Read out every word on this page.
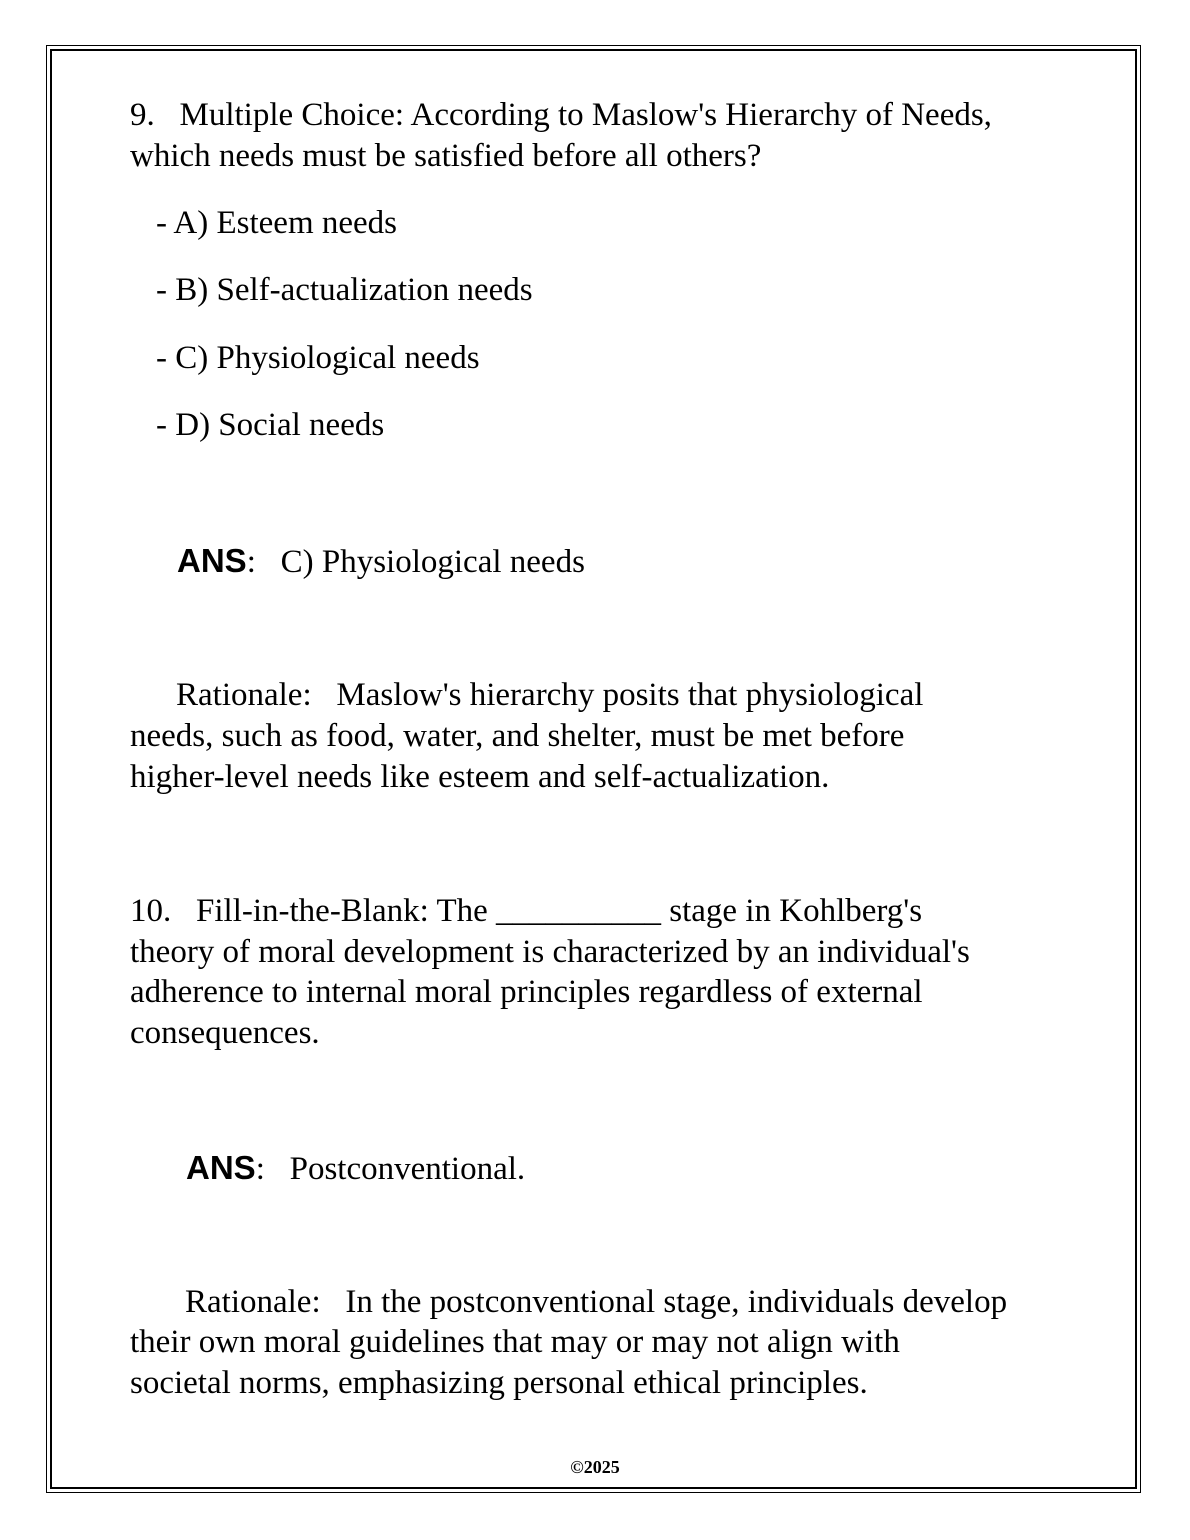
9.   Multiple Choice: According to Maslow's Hierarchy of Needs,

which needs must be satisfied before all others?

- A) Esteem needs

- B) Self-actualization needs

- C) Physiological needs

- D) Social needs

ANS:   C) Physiological needs

Rationale:   Maslow's hierarchy posits that physiological

needs, such as food, water, and shelter, must be met before

higher-level needs like esteem and self-actualization.

10.   Fill-in-the-Blank: The __________ stage in Kohlberg's

theory of moral development is characterized by an individual's

adherence to internal moral principles regardless of external

consequences.

ANS:   Postconventional.

Rationale:   In the postconventional stage, individuals develop

their own moral guidelines that may or may not align with

societal norms, emphasizing personal ethical principles.

©2025
